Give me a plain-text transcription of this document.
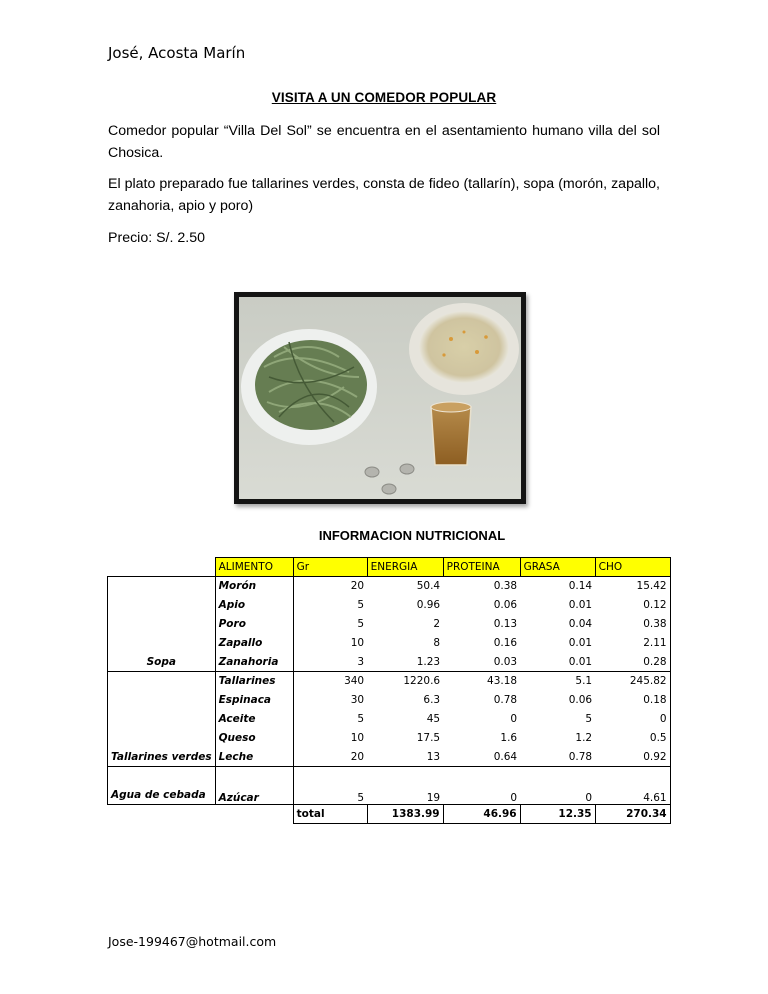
José, Acosta Marín
VISITA A UN COMEDOR POPULAR
Comedor popular “Villa Del Sol” se encuentra en el asentamiento humano villa del sol Chosica.
El plato preparado fue tallarines verdes, consta de fideo (tallarín), sopa (morón, zapallo, zanahoria, apio y poro)
Precio: S/. 2.50
INFORMACION NUTRICIONAL
	ALIMENTO	Gr	ENERGIA	PROTEINA	GRASA	CHO
Sopa	Morón	20	50.4	0.38	0.14	15.42
	Apio	5	0.96	0.06	0.01	0.12
	Poro	5	2	0.13	0.04	0.38
	Zapallo	10	8	0.16	0.01	2.11
	Zanahoria	3	1.23	0.03	0.01	0.28
Tallarines verdes	Tallarines	340	1220.6	43.18	5.1	245.82
	Espinaca	30	6.3	0.78	0.06	0.18
	Aceite	5	45	0	5	0
	Queso	10	17.5	1.6	1.2	0.5
	Leche	20	13	0.64	0.78	0.92
Agua de cebada	Azúcar	5	19	0	0	4.61
		total	1383.99	46.96	12.35	270.34
Jose-199467@hotmail.com
